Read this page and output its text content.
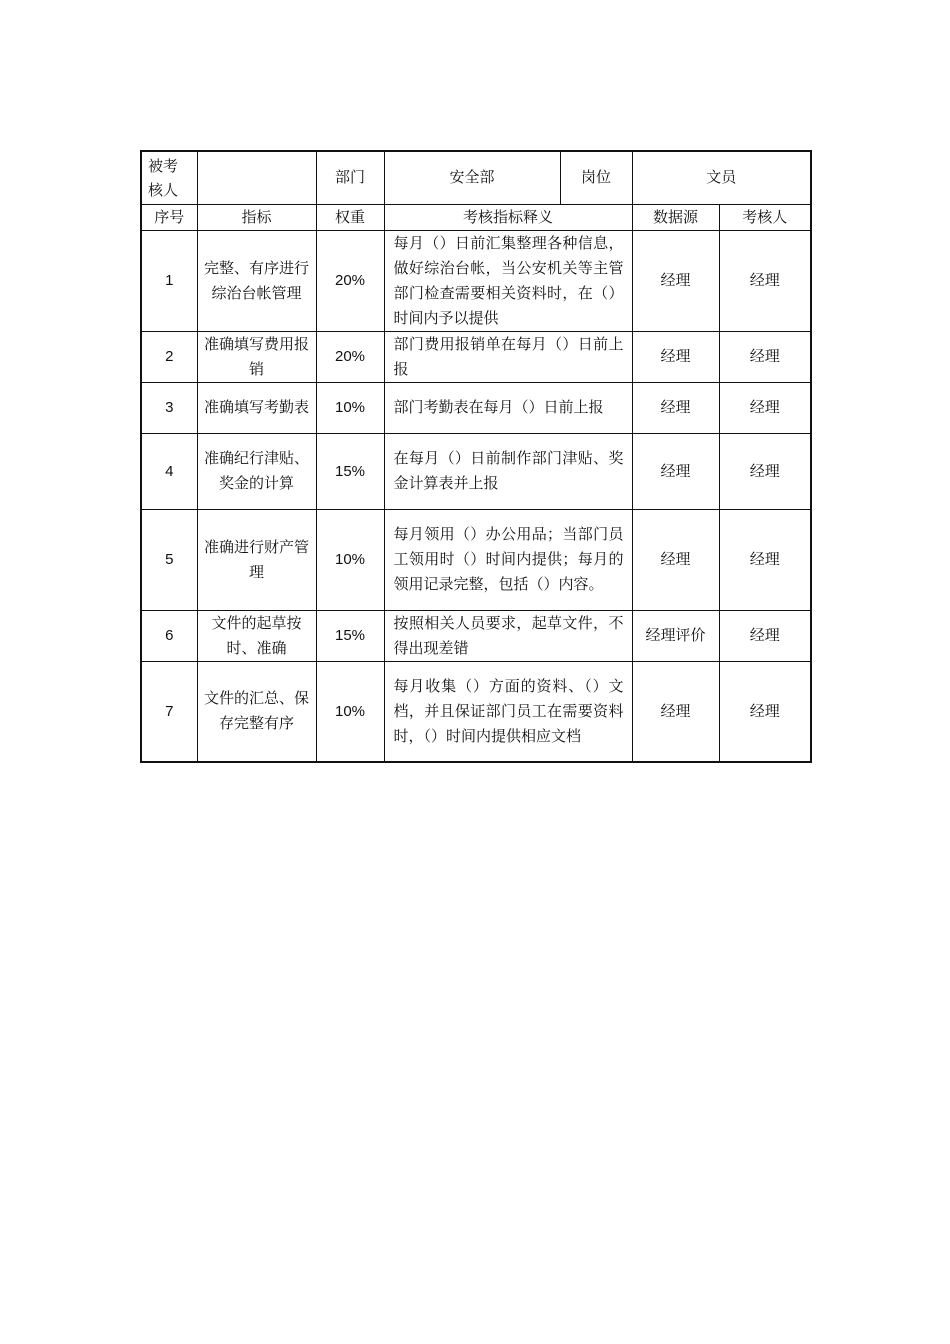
被考核人		部门	安全部	岗位	文员	
序号	指标	权重	考核指标释义		数据源	考核人
1	完整、有序进行综治台帐管理	20%	每月（）日前汇集整理各种信息，做好综治台帐，当公安机关等主管部门检查需要相关资料时，在（）时间内予以提供		经理	经理
2	准确填写费用报销	20%	部门费用报销单在每月（）日前上报		经理	经理
3	准确填写考勤表	10%	部门考勤表在每月（）日前上报		经理	经理
4	准确纪行津贴、奖金的计算	15%	在每月（）日前制作部门津贴、奖金计算表并上报		经理	经理
5	准确进行财产管理	10%	每月领用（）办公用品；当部门员工领用时（）时间内提供；每月的领用记录完整，包括（）内容。		经理	经理
6	文件的起草按时、准确	15%	按照相关人员要求，起草文件，不得出现差错		经理评价	经理
7	文件的汇总、保存完整有序	10%	每月收集（）方面的资料、（）文档，并且保证部门员工在需要资料时，（）时间内提供相应文档		经理	经理
